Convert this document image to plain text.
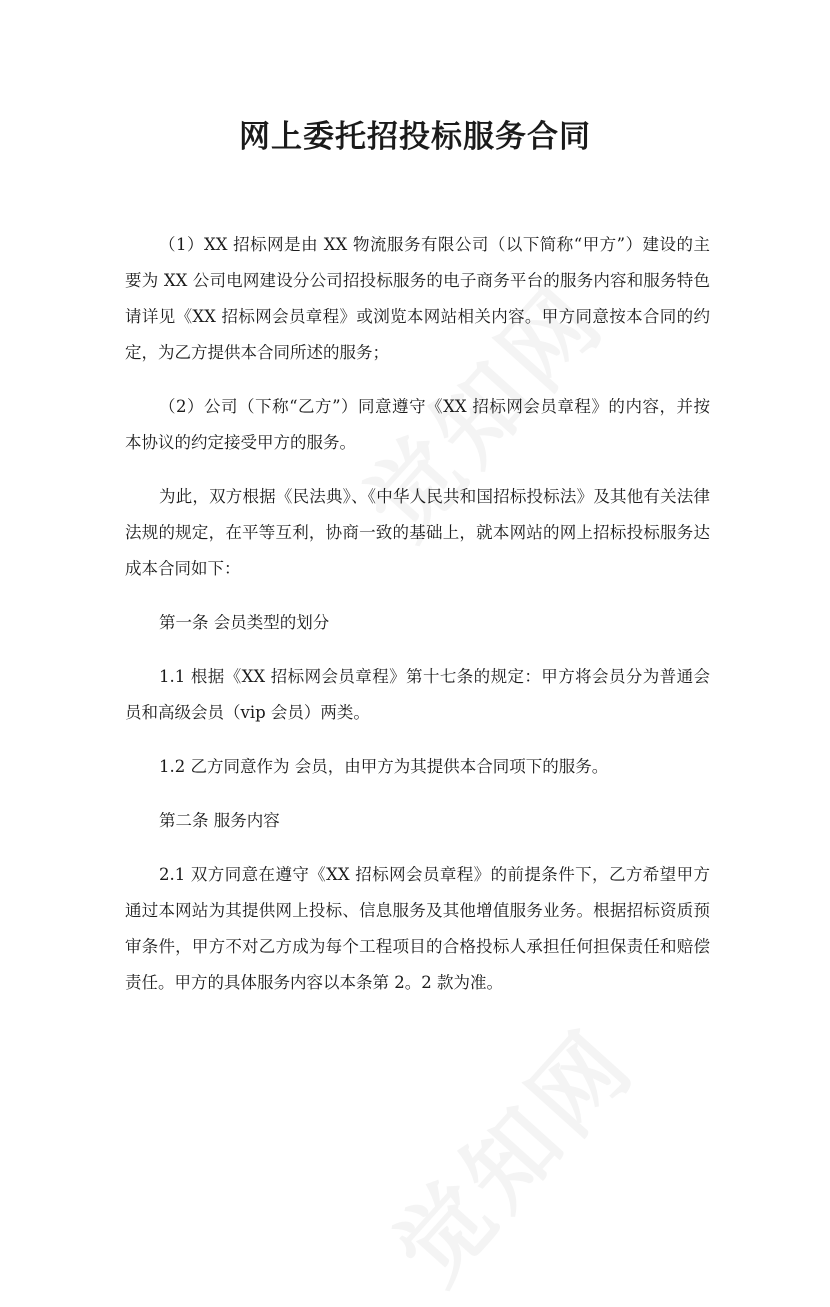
网上委托招投标服务合同

（1）XX 招标网是由 XX 物流服务有限公司（以下简称“甲方”）建设的主要为 XX 公司电网建设分公司招投标服务的电子商务平台的服务内容和服务特色请详见《XX 招标网会员章程》或浏览本网站相关内容。甲方同意按本合同的约定，为乙方提供本合同所述的服务；

（2）公司（下称“乙方”）同意遵守《XX 招标网会员章程》的内容，并按本协议的约定接受甲方的服务。

为此，双方根据《民法典》、《中华人民共和国招标投标法》及其他有关法律法规的规定，在平等互利，协商一致的基础上，就本网站的网上招标投标服务达成本合同如下：

第一条 会员类型的划分

1.1 根据《XX 招标网会员章程》第十七条的规定：甲方将会员分为普通会员和高级会员（vip 会员）两类。

1.2 乙方同意作为 会员，由甲方为其提供本合同项下的服务。

第二条 服务内容

2.1 双方同意在遵守《XX 招标网会员章程》的前提条件下，乙方希望甲方通过本网站为其提供网上投标、信息服务及其他增值服务业务。根据招标资质预审条件，甲方不对乙方成为每个工程项目的合格投标人承担任何担保责任和赔偿责任。甲方的具体服务内容以本条第 2。2 款为准。
